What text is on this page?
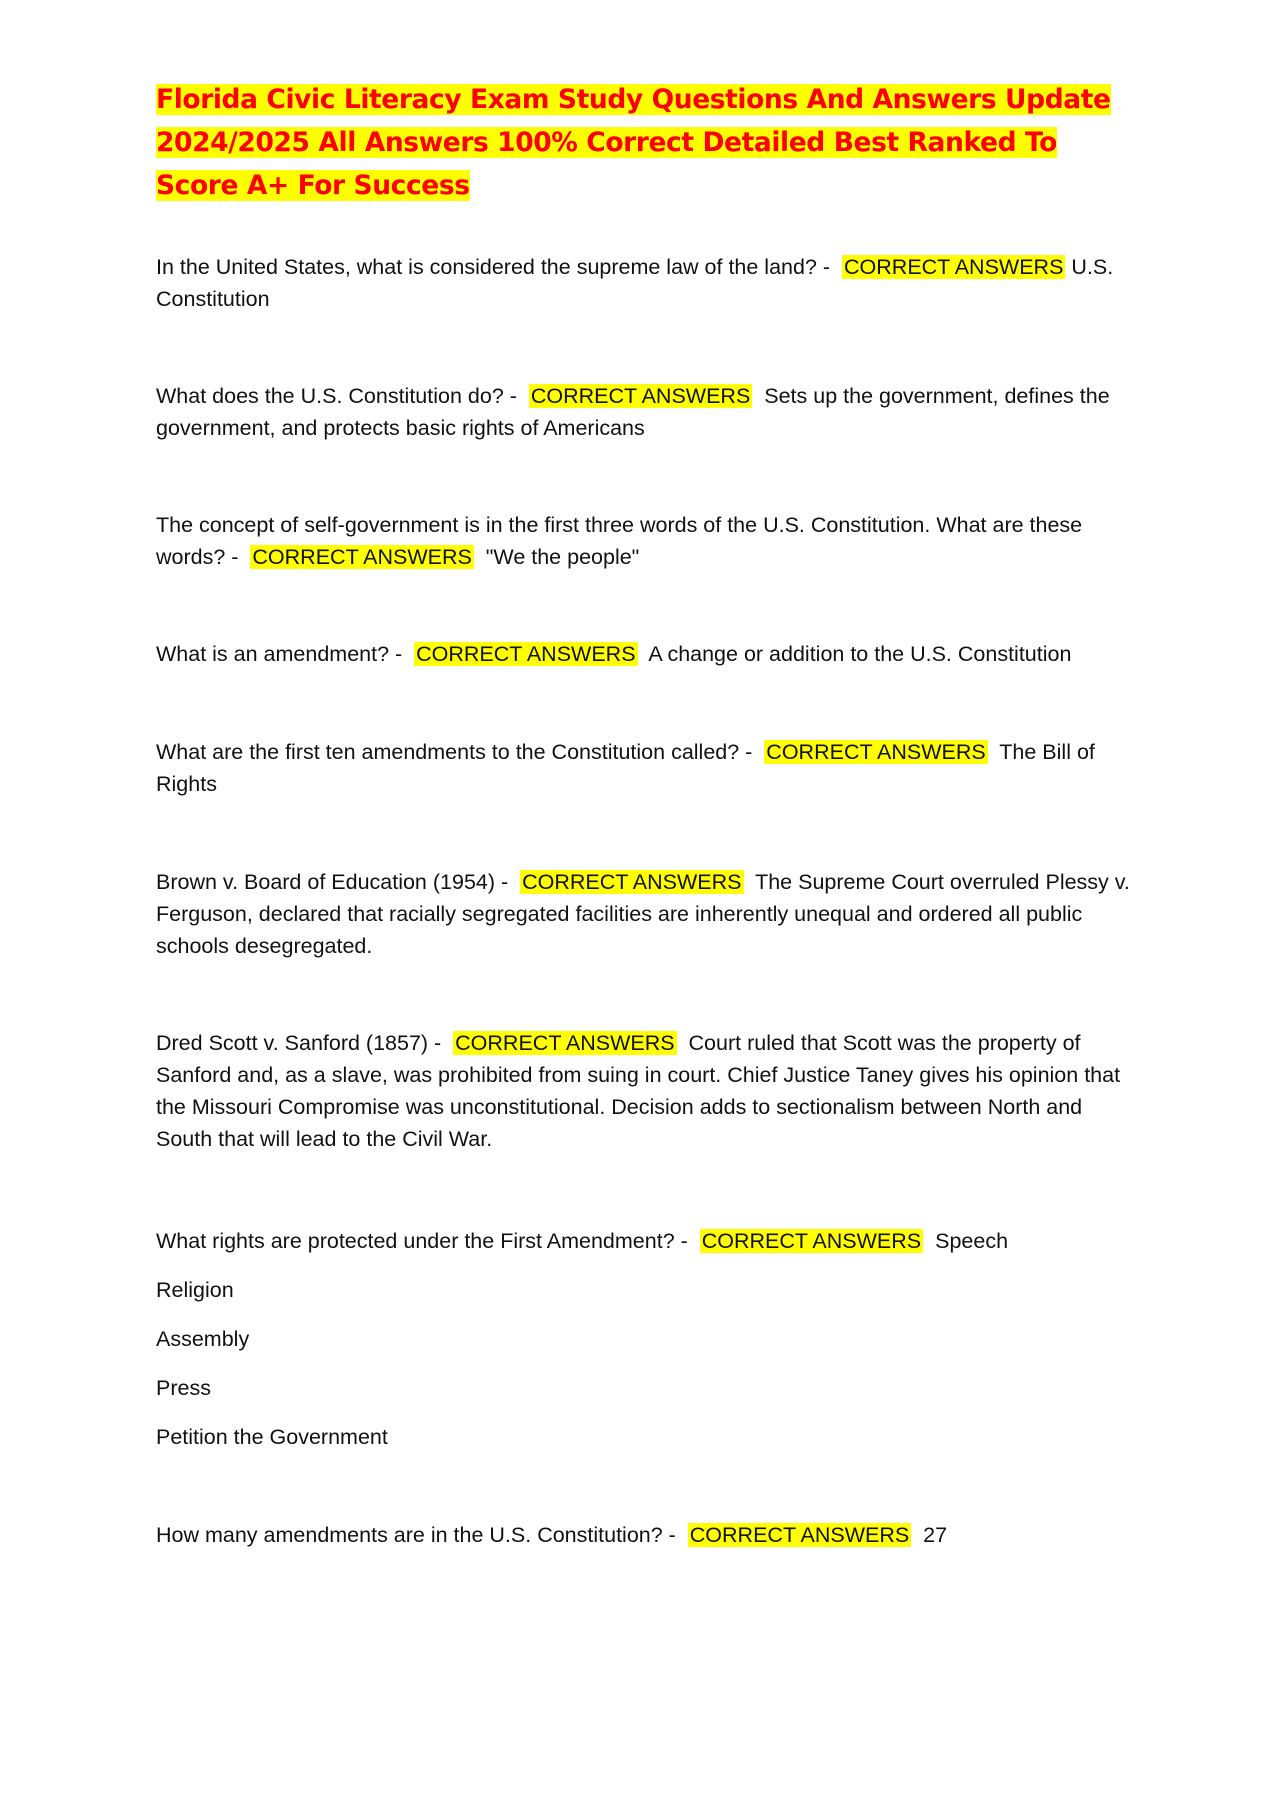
Florida Civic Literacy Exam Study Questions And Answers Update 2024/2025 All Answers 100% Correct Detailed Best Ranked To Score A+ For Success

In the United States, what is considered the supreme law of the land? - CORRECT ANSWERS U.S. Constitution

What does the U.S. Constitution do? - CORRECT ANSWERS Sets up the government, defines the government, and protects basic rights of Americans

The concept of self-government is in the first three words of the U.S. Constitution. What are these words? - CORRECT ANSWERS "We the people"

What is an amendment? - CORRECT ANSWERS A change or addition to the U.S. Constitution

What are the first ten amendments to the Constitution called? - CORRECT ANSWERS The Bill of Rights

Brown v. Board of Education (1954) - CORRECT ANSWERS The Supreme Court overruled Plessy v. Ferguson, declared that racially segregated facilities are inherently unequal and ordered all public schools desegregated.

Dred Scott v. Sanford (1857) - CORRECT ANSWERS Court ruled that Scott was the property of Sanford and, as a slave, was prohibited from suing in court. Chief Justice Taney gives his opinion that the Missouri Compromise was unconstitutional. Decision adds to sectionalism between North and South that will lead to the Civil War.

What rights are protected under the First Amendment? - CORRECT ANSWERS Speech

Religion

Assembly

Press

Petition the Government

How many amendments are in the U.S. Constitution? - CORRECT ANSWERS 27
